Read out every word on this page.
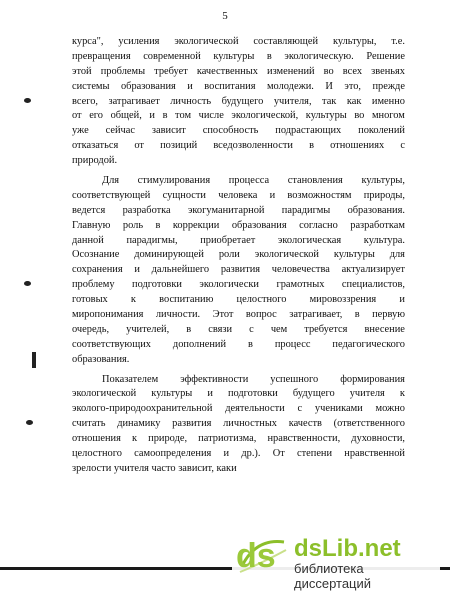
5
курса", усиления экологической составляющей культуры, т.е.
превращения современной культуры в экологическую. Решение
этой проблемы требует качественных изменений во всех звеньях
системы образования и воспитания молодежи. И это, прежде
всего, затрагивает личность будущего учителя, так как именно
от его общей, и в том числе экологической, культуры во многом
уже сейчас зависит способность подрастающих поколений
отказаться от позиций вседозволенности в отношениях с
природой.
Для стимулирования процесса становления культуры,
соответствующей сущности человека и возможностям природы,
ведется разработка экогуманитарной парадигмы образования.
Главную роль в коррекции образования согласно разработкам
данной парадигмы, приобретает экологическая культура.
Осознание доминирующей роли экологической культуры для
сохранения и дальнейшего развития человечества актуализирует
проблему подготовки экологически грамотных специалистов,
готовых к воспитанию целостного мировоззрения и
миропонимания личности. Этот вопрос затрагивает, в первую
очередь, учителей, в связи с чем требуется внесение
соответствующих дополнений в процесс педагогического
образования.
Показателем эффективности успешного формирования
экологической культуры и подготовки будущего учителя к
эколого-природоохранительной деятельности с учениками можно
считать динамику развития личностных качеств (ответственного
отношения к природе, патриотизма, нравственности, духовности,
целостного самоопределения и др.). От степени нравственной
зрелости учителя часто зависит, каки
ds dsLib.net
библиотека диссертаций
